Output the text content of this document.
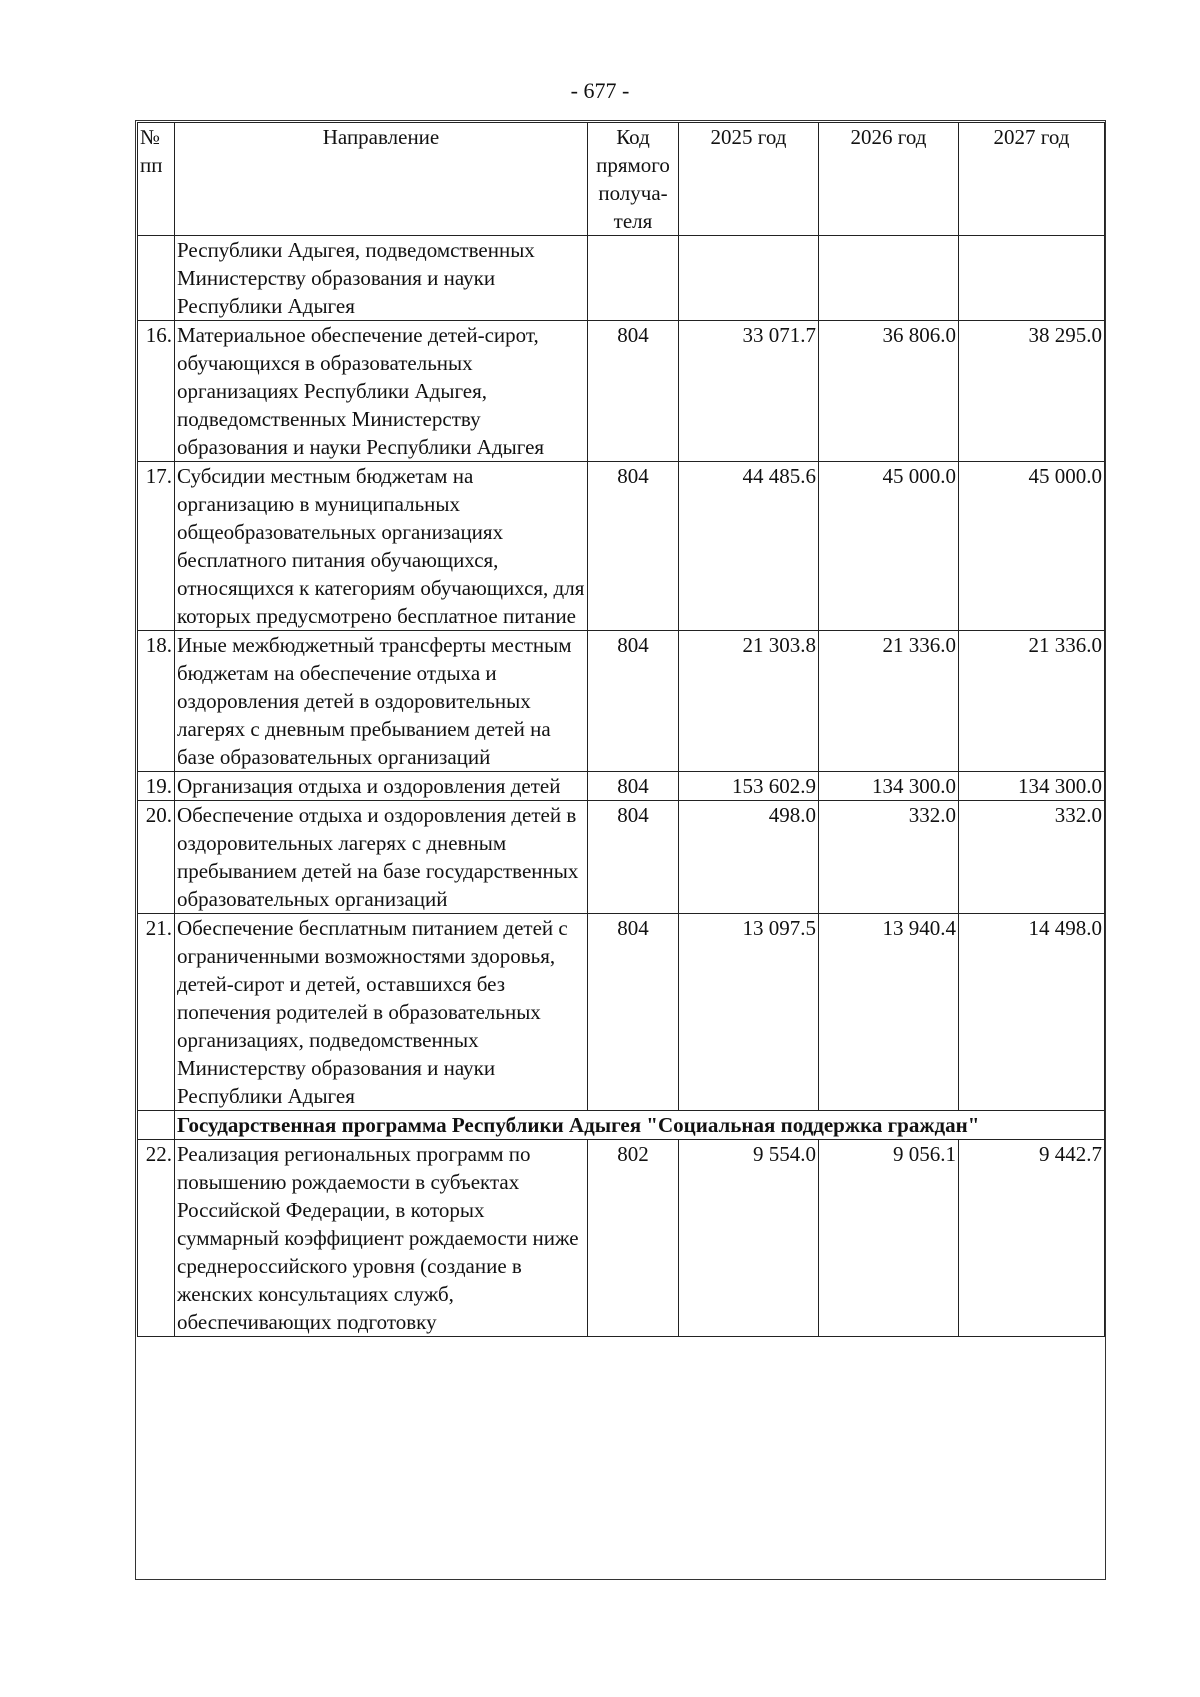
- 677 -
№ пп	Направление	Код прямого получа-теля	2025 год	2026 год	2027 год
	Республики Адыгея, подведомственных Министерству образования и науки Республики Адыгея				
16.	Материальное обеспечение детей-сирот, обучающихся в образовательных организациях Республики Адыгея, подведомственных Министерству образования и науки Республики Адыгея	804	33 071.7	36 806.0	38 295.0
17.	Субсидии местным бюджетам на организацию в муниципальных общеобразовательных организациях бесплатного питания обучающихся, относящихся к категориям обучающихся, для которых предусмотрено бесплатное питание	804	44 485.6	45 000.0	45 000.0
18.	Иные межбюджетный трансферты местным бюджетам на обеспечение отдыха и оздоровления детей в оздоровительных лагерях с дневным пребыванием детей на базе образовательных организаций	804	21 303.8	21 336.0	21 336.0
19.	Организация отдыха и оздоровления детей	804	153 602.9	134 300.0	134 300.0
20.	Обеспечение отдыха и оздоровления детей в оздоровительных лагерях с дневным пребыванием детей на базе государственных образовательных организаций	804	498.0	332.0	332.0
21.	Обеспечение бесплатным питанием детей с ограниченными возможностями здоровья, детей-сирот и детей, оставшихся без попечения родителей в образовательных организациях, подведомственных Министерству образования и науки Республики Адыгея	804	13 097.5	13 940.4	14 498.0
	Государственная программа Республики Адыгея "Социальная поддержка граждан"				
22.	Реализация региональных программ по повышению рождаемости в субъектах Российской Федерации, в которых суммарный коэффициент рождаемости ниже среднероссийского уровня (создание в женских консультациях служб, обеспечивающих подготовку	802	9 554.0	9 056.1	9 442.7
